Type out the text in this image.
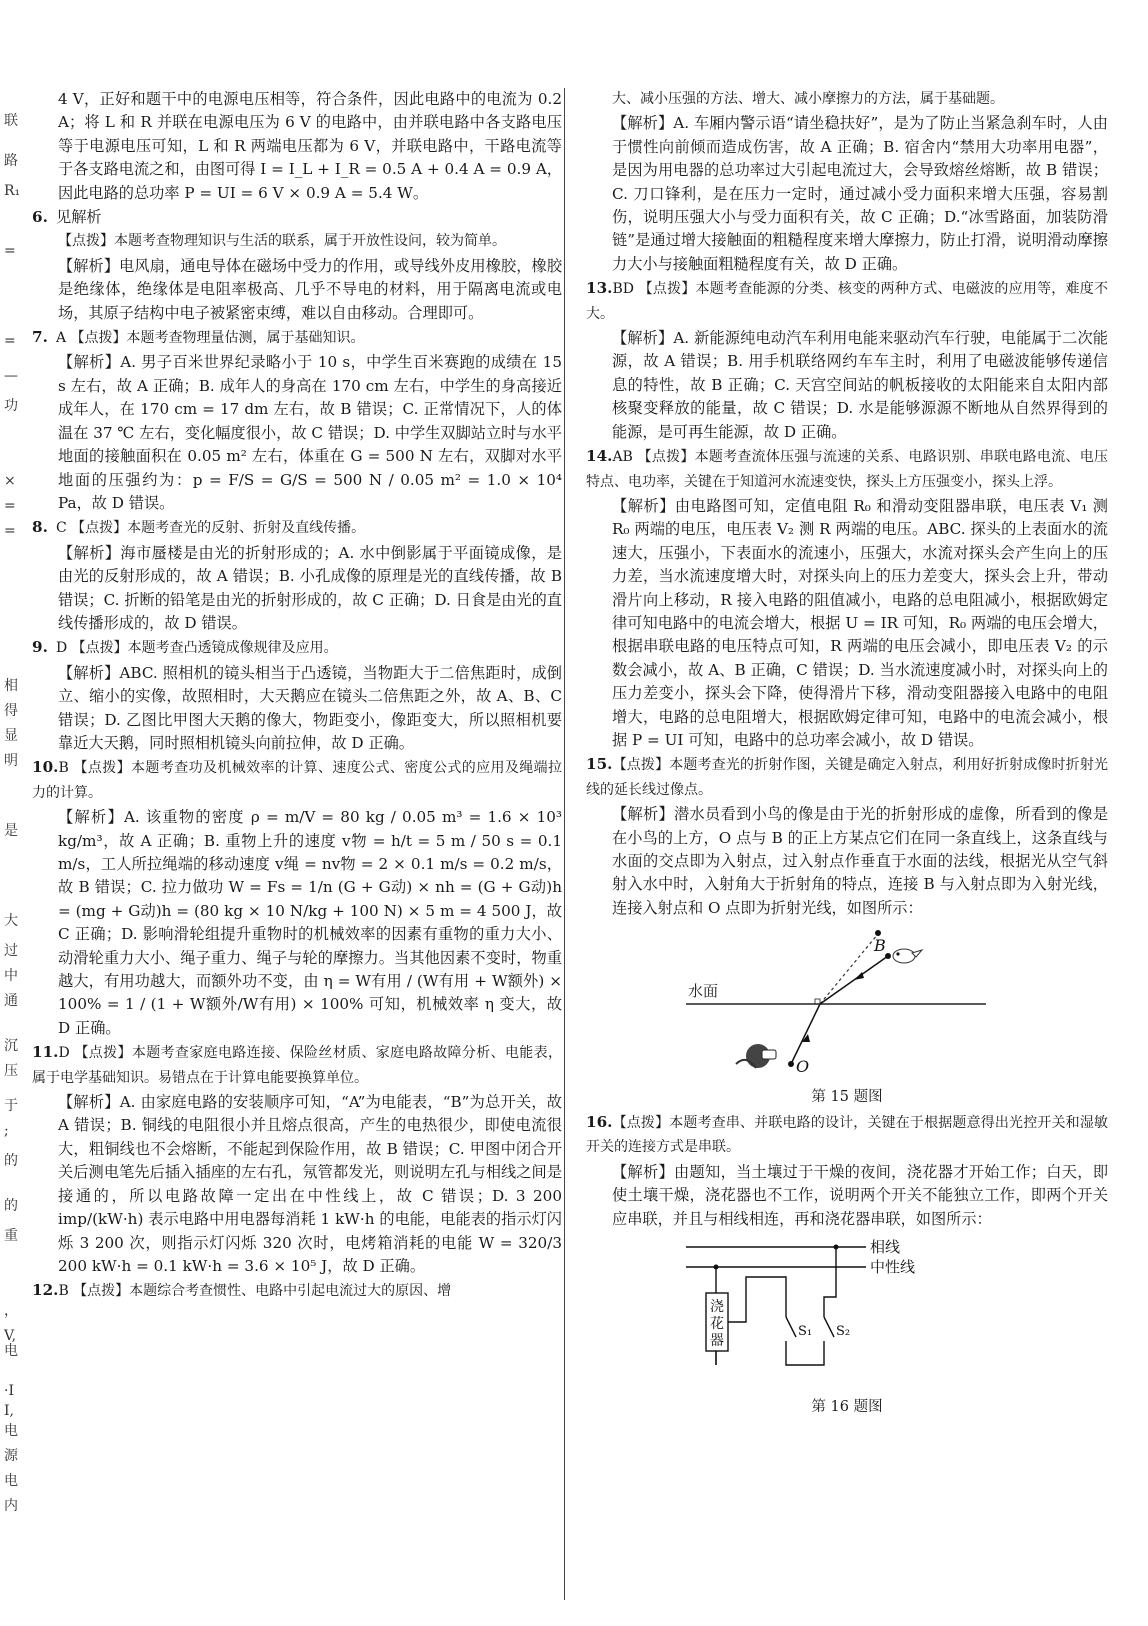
联
路
R₁
=
=
—
功
×
=
=
相
得
显
明
是
大
过
中
通
沉
压
于
;
的
的
重
，
V,
电
·I
I,
电
源
电
内

4 V，正好和题干中的电源电压相等，符合条件，因此电路中的电流为 0.2 A；将 L 和 R 并联在电源电压为 6 V 的电路中，由并联电路中各支路电压等于电源电压可知，L 和 R 两端电压都为 6 V，并联电路中，干路电流等于各支路电流之和，由图可得 I = I_L + I_R = 0.5 A + 0.4 A = 0.9 A，因此电路的总功率 P = UI = 6 V × 0.9 A = 5.4 W。

6. 见解析

【点拨】本题考查物理知识与生活的联系，属于开放性设问，较为简单。

【解析】电风扇，通电导体在磁场中受力的作用，或导线外皮用橡胶，橡胶是绝缘体，绝缘体是电阻率极高、几乎不导电的材料，用于隔离电流或电场，其原子结构中电子被紧密束缚，难以自由移动。合理即可。

7. A 【点拨】本题考查物理量估测，属于基础知识。

【解析】A. 男子百米世界纪录略小于 10 s，中学生百米赛跑的成绩在 15 s 左右，故 A 正确；B. 成年人的身高在 170 cm 左右，中学生的身高接近成年人，在 170 cm = 17 dm 左右，故 B 错误；C. 正常情况下，人的体温在 37 ℃ 左右，变化幅度很小，故 C 错误；D. 中学生双脚站立时与水平地面的接触面积在 0.05 m² 左右，体重在 G = 500 N 左右，双脚对水平地面的压强约为：p = F/S = G/S = 500 N / 0.05 m² = 1.0 × 10⁴ Pa，故 D 错误。

8. C 【点拨】本题考查光的反射、折射及直线传播。

【解析】海市蜃楼是由光的折射形成的；A. 水中倒影属于平面镜成像，是由光的反射形成的，故 A 错误；B. 小孔成像的原理是光的直线传播，故 B 错误；C. 折断的铅笔是由光的折射形成的，故 C 正确；D. 日食是由光的直线传播形成的，故 D 错误。

9. D 【点拨】本题考查凸透镜成像规律及应用。

【解析】ABC. 照相机的镜头相当于凸透镜，当物距大于二倍焦距时，成倒立、缩小的实像，故照相时，大天鹅应在镜头二倍焦距之外，故 A、B、C 错误；D. 乙图比甲图大天鹅的像大，物距变小，像距变大，所以照相机要靠近大天鹅，同时照相机镜头向前拉伸，故 D 正确。

10.B 【点拨】本题考查功及机械效率的计算、速度公式、密度公式的应用及绳端拉力的计算。

【解析】A. 该重物的密度 ρ = m/V = 80 kg / 0.05 m³ = 1.6 × 10³ kg/m³，故 A 正确；B. 重物上升的速度 v物 = h/t = 5 m / 50 s = 0.1 m/s，工人所拉绳端的移动速度 v绳 = nv物 = 2 × 0.1 m/s = 0.2 m/s，故 B 错误；C. 拉力做功 W = Fs = 1/n (G + G动) × nh = (G + G动)h = (mg + G动)h = (80 kg × 10 N/kg + 100 N) × 5 m = 4 500 J，故 C 正确；D. 影响滑轮组提升重物时的机械效率的因素有重物的重力大小、动滑轮重力大小、绳子重力、绳子与轮的摩擦力。当其他因素不变时，物重越大，有用功越大，而额外功不变，由 η = W有用 / (W有用 + W额外) × 100% = 1 / (1 + W额外/W有用) × 100% 可知，机械效率 η 变大，故 D 正确。

11.D 【点拨】本题考查家庭电路连接、保险丝材质、家庭电路故障分析、电能表，属于电学基础知识。易错点在于计算电能要换算单位。

【解析】A. 由家庭电路的安装顺序可知，“A”为电能表，“B”为总开关，故 A 错误；B. 铜线的电阻很小并且熔点很高，产生的电热很少，即使电流很大，粗铜线也不会熔断，不能起到保险作用，故 B 错误；C. 甲图中闭合开关后测电笔先后插入插座的左右孔，氖管都发光，则说明左孔与相线之间是接通的，所以电路故障一定出在中性线上，故 C 错误；D. 3 200 imp/(kW·h) 表示电路中用电器每消耗 1 kW·h 的电能，电能表的指示灯闪烁 3 200 次，则指示灯闪烁 320 次时，电烤箱消耗的电能 W = 320/3 200 kW·h = 0.1 kW·h = 3.6 × 10⁵ J，故 D 正确。

12.B 【点拨】本题综合考查惯性、电路中引起电流过大的原因、增

大、减小压强的方法、增大、减小摩擦力的方法，属于基础题。

【解析】A. 车厢内警示语“请坐稳扶好”，是为了防止当紧急刹车时，人由于惯性向前倾而造成伤害，故 A 正确；B. 宿舍内“禁用大功率用电器”，是因为用电器的总功率过大引起电流过大，会导致熔丝熔断，故 B 错误；C. 刀口锋利，是在压力一定时，通过减小受力面积来增大压强，容易割伤，说明压强大小与受力面积有关，故 C 正确；D.“冰雪路面，加装防滑链”是通过增大接触面的粗糙程度来增大摩擦力，防止打滑，说明滑动摩擦力大小与接触面粗糙程度有关，故 D 正确。

13.BD 【点拨】本题考查能源的分类、核变的两种方式、电磁波的应用等，难度不大。

【解析】A. 新能源纯电动汽车利用电能来驱动汽车行驶，电能属于二次能源，故 A 错误；B. 用手机联络网约车车主时，利用了电磁波能够传递信息的特性，故 B 正确；C. 天宫空间站的帆板接收的太阳能来自太阳内部核聚变释放的能量，故 C 错误；D. 水是能够源源不断地从自然界得到的能源，是可再生能源，故 D 正确。

14.AB 【点拨】本题考查流体压强与流速的关系、电路识别、串联电路电流、电压特点、电功率，关键在于知道河水流速变快，探头上方压强变小，探头上浮。

【解析】由电路图可知，定值电阻 R₀ 和滑动变阻器串联，电压表 V₁ 测 R₀ 两端的电压，电压表 V₂ 测 R 两端的电压。ABC. 探头的上表面水的流速大，压强小，下表面水的流速小，压强大，水流对探头会产生向上的压力差，当水流速度增大时，对探头向上的压力差变大，探头会上升，带动滑片向上移动，R 接入电路的阻值减小，电路的总电阻减小，根据欧姆定律可知电路中的电流会增大，根据 U = IR 可知，R₀ 两端的电压会增大，根据串联电路的电压特点可知，R 两端的电压会减小，即电压表 V₂ 的示数会减小，故 A、B 正确，C 错误；D. 当水流速度减小时，对探头向上的压力差变小，探头会下降，使得滑片下移，滑动变阻器接入电路中的电阻增大，电路的总电阻增大，根据欧姆定律可知，电路中的电流会减小，根据 P = UI 可知，电路中的总功率会减小，故 D 错误。

15.【点拨】本题考查光的折射作图，关键是确定入射点，利用好折射成像时折射光线的延长线过像点。

【解析】潜水员看到小鸟的像是由于光的折射形成的虚像，所看到的像是在小鸟的上方，O 点与 B 的正上方某点它们在同一条直线上，这条直线与水面的交点即为入射点，过入射点作垂直于水面的法线，根据光从空气斜射入水中时，入射角大于折射角的特点，连接 B 与入射点即为入射光线，连接入射点和 O 点即为折射光线，如图所示：

水面
B
O
第 15 题图

16.【点拨】本题考查串、并联电路的设计，关键在于根据题意得出光控开关和湿敏开关的连接方式是串联。

【解析】由题知，当土壤过于干燥的夜间，浇花器才开始工作；白天，即使土壤干燥，浇花器也不工作，说明两个开关不能独立工作，即两个开关应串联，并且与相线相连，再和浇花器串联，如图所示：

相线
中性线
浇
花
器
S₁ S₂
第 16 题图
